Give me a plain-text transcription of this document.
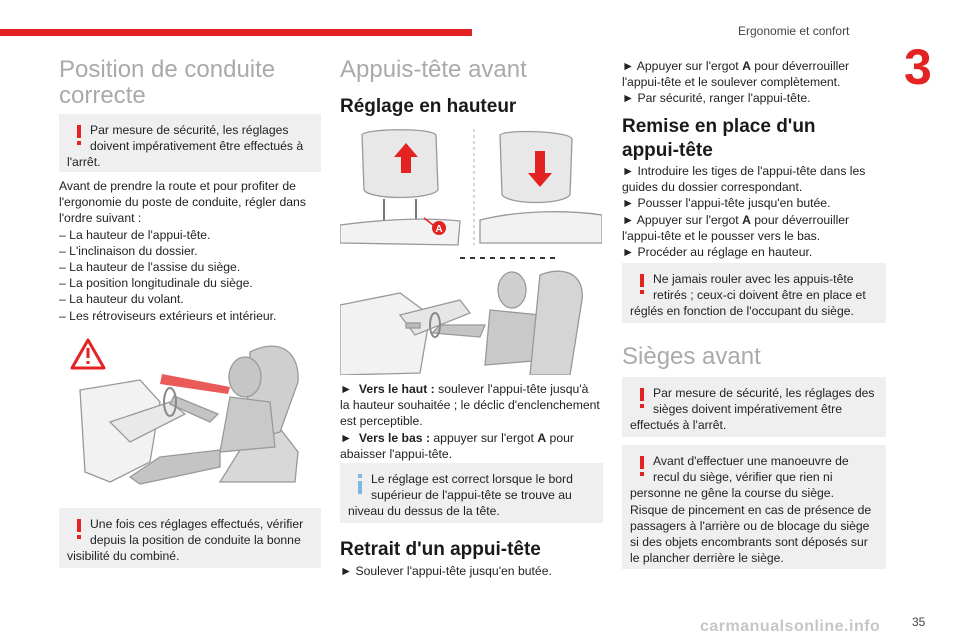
Ergonomie et confort
3
35
carmanualsonline.info
Position de conduite
correcte

Par mesure de sécurité, les réglages

doivent impérativement être effectués à

l'arrêt.

Avant de prendre la route et pour profiter de

l'ergonomie du poste de conduite, régler dans

l'ordre suivant :

– La hauteur de l'appui-tête.

– L'inclinaison du dossier.

– La hauteur de l'assise du siège.

– La position longitudinale du siège.

– La hauteur du volant.

– Les rétroviseurs extérieurs et intérieur.

Une fois ces réglages effectués, vérifier

depuis la position de conduite la bonne

visibilité du combiné.

Appuis-tête avant
Réglage en hauteur
A

► Vers le haut : soulever l'appui-tête jusqu'à

la hauteur souhaitée ; le déclic d'enclenchement

est perceptible.

► Vers le bas : appuyer sur l'ergot A pour

abaisser l'appui-tête.

Le réglage est correct lorsque le bord

supérieur de l'appui-tête se trouve au

niveau du dessus de la tête.

Retrait d'un appui-tête

► Soulever l'appui-tête jusqu'en butée.

► Appuyer sur l'ergot A pour déverrouiller

l'appui-tête et le soulever complètement.

► Par sécurité, ranger l'appui-tête.

Remise en place d'un
appui-tête

► Introduire les tiges de l'appui-tête dans les

guides du dossier correspondant.

► Pousser l'appui-tête jusqu'en butée.

► Appuyer sur l'ergot A pour déverrouiller

l'appui-tête et le pousser vers le bas.

► Procéder au réglage en hauteur.

Ne jamais rouler avec les appuis-tête

retirés ; ceux-ci doivent être en place et

réglés en fonction de l'occupant du siège.

Sièges avant

Par mesure de sécurité, les réglages des

sièges doivent impérativement être

effectués à l'arrêt.

Avant d'effectuer une manoeuvre de

recul du siège, vérifier que rien ni

personne ne gêne la course du siège.

Risque de pincement en cas de présence de

passagers à l'arrière ou de blocage du siège

si des objets encombrants sont déposés sur

le plancher derrière le siège.
